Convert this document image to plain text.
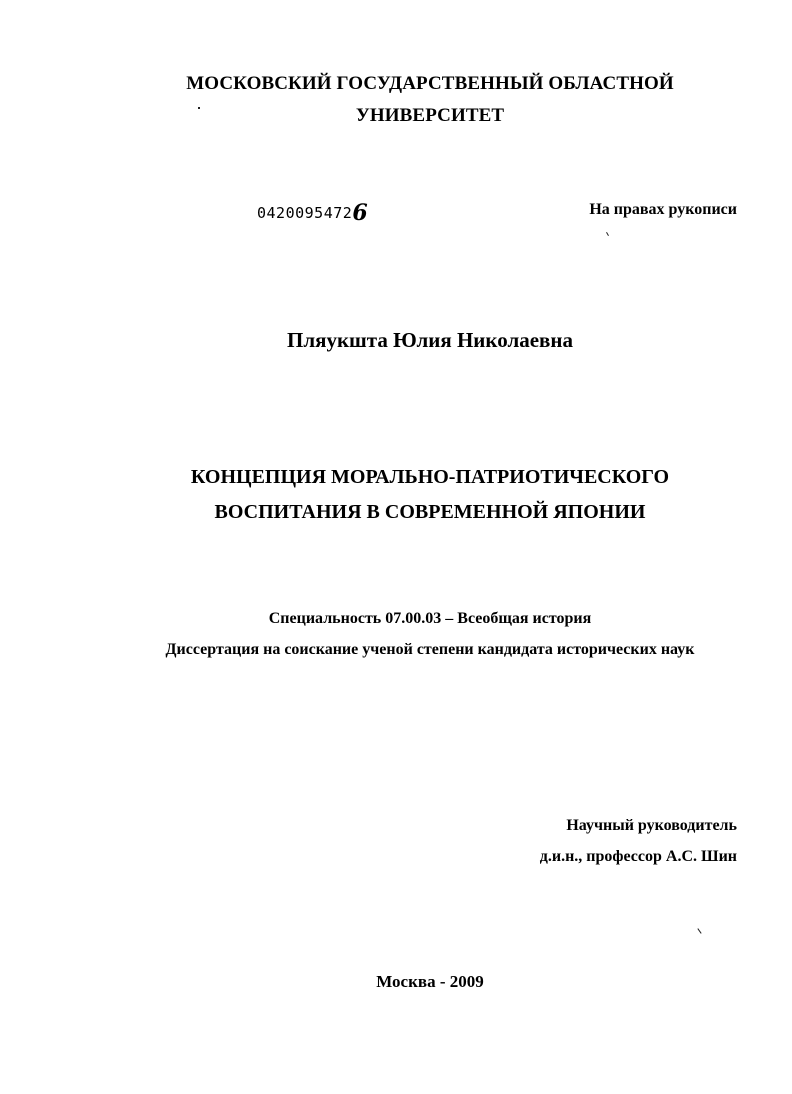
МОСКОВСКИЙ ГОСУДАРСТВЕННЫЙ ОБЛАСТНОЙ
УНИВЕРСИТЕТ
04200954726	На правах рукописи
Пляукшта Юлия Николаевна
КОНЦЕПЦИЯ МОРАЛЬНО-ПАТРИОТИЧЕСКОГО
ВОСПИТАНИЯ В СОВРЕМЕННОЙ ЯПОНИИ
Специальность 07.00.03 – Всеобщая история
Диссертация на соискание ученой степени кандидата исторических наук
Научный руководитель
д.и.н., профессор А.С. Шин
Москва - 2009
